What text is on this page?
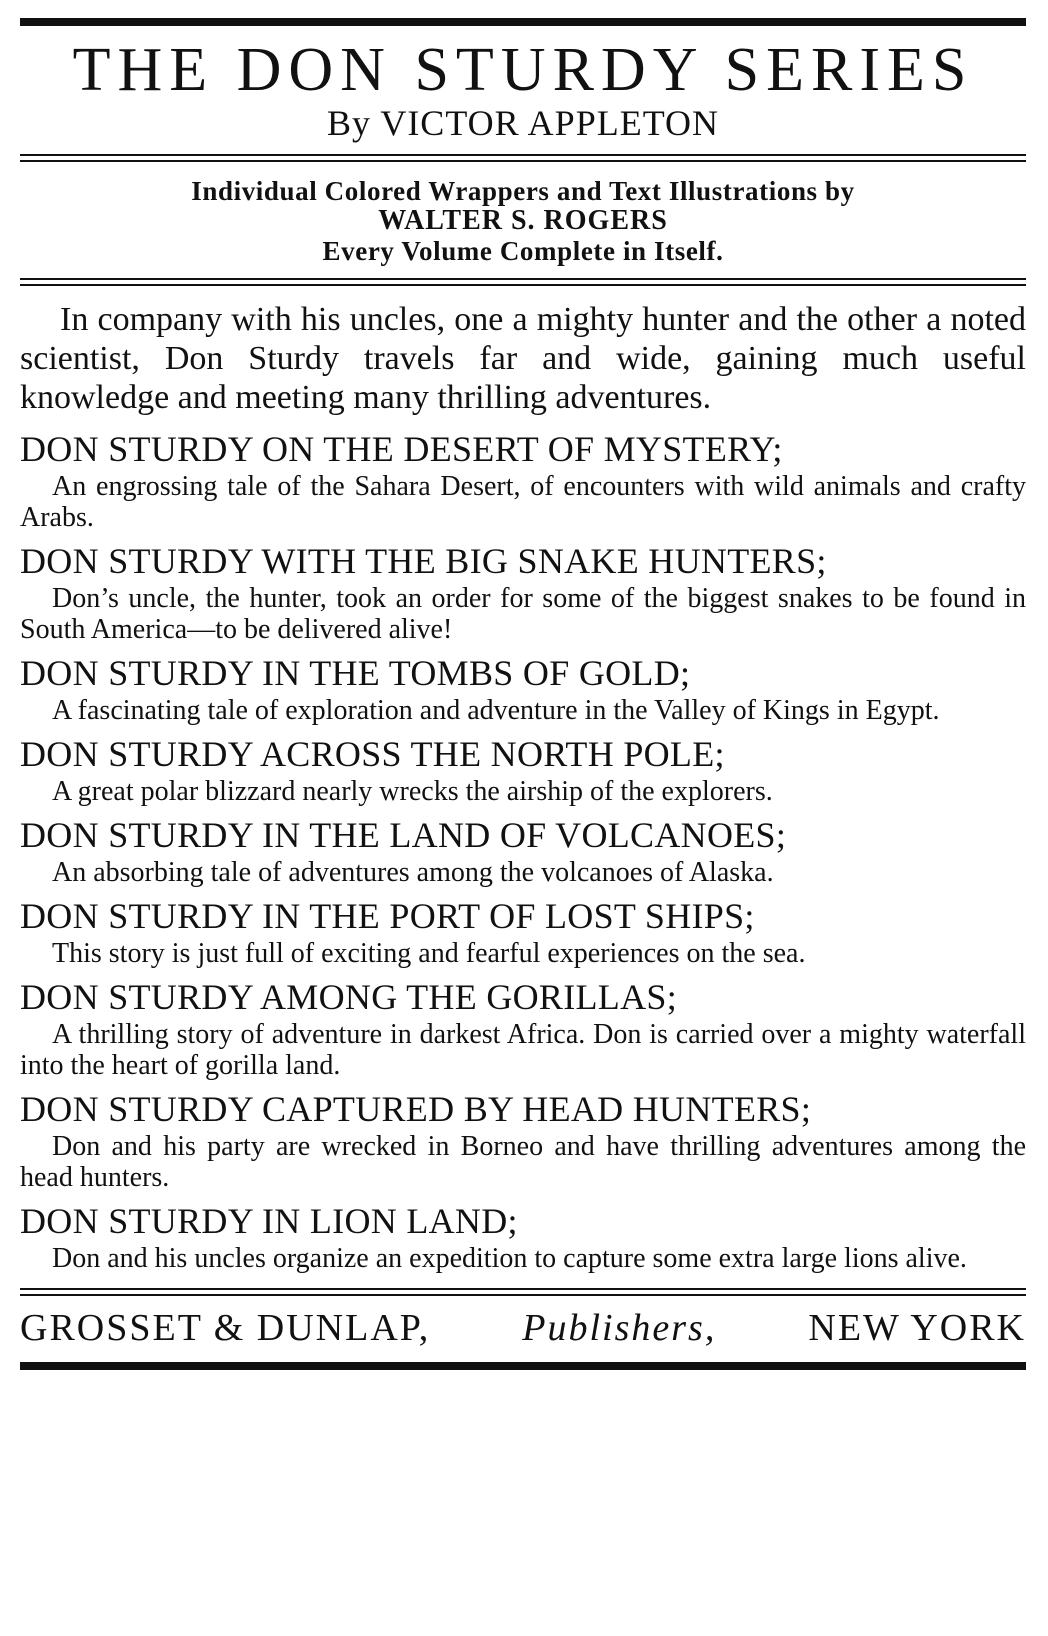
THE DON STURDY SERIES
By VICTOR APPLETON
Individual Colored Wrappers and Text Illustrations by
WALTER S. ROGERS
Every Volume Complete in Itself.
In company with his uncles, one a mighty hunter and the other a noted scientist, Don Sturdy travels far and wide, gaining much useful knowledge and meeting many thrilling adventures.
DON STURDY ON THE DESERT OF MYSTERY;
An engrossing tale of the Sahara Desert, of encounters with wild animals and crafty Arabs.
DON STURDY WITH THE BIG SNAKE HUNTERS;
Don’s uncle, the hunter, took an order for some of the biggest snakes to be found in South America—to be delivered alive!
DON STURDY IN THE TOMBS OF GOLD;
A fascinating tale of exploration and adventure in the Valley of Kings in Egypt.
DON STURDY ACROSS THE NORTH POLE;
A great polar blizzard nearly wrecks the airship of the explorers.
DON STURDY IN THE LAND OF VOLCANOES;
An absorbing tale of adventures among the volcanoes of Alaska.
DON STURDY IN THE PORT OF LOST SHIPS;
This story is just full of exciting and fearful experiences on the sea.
DON STURDY AMONG THE GORILLAS;
A thrilling story of adventure in darkest Africa. Don is carried over a mighty waterfall into the heart of gorilla land.
DON STURDY CAPTURED BY HEAD HUNTERS;
Don and his party are wrecked in Borneo and have thrilling adventures among the head hunters.
DON STURDY IN LION LAND;
Don and his uncles organize an expedition to capture some extra large lions alive.
GROSSET & DUNLAP, Publishers, NEW YORK
